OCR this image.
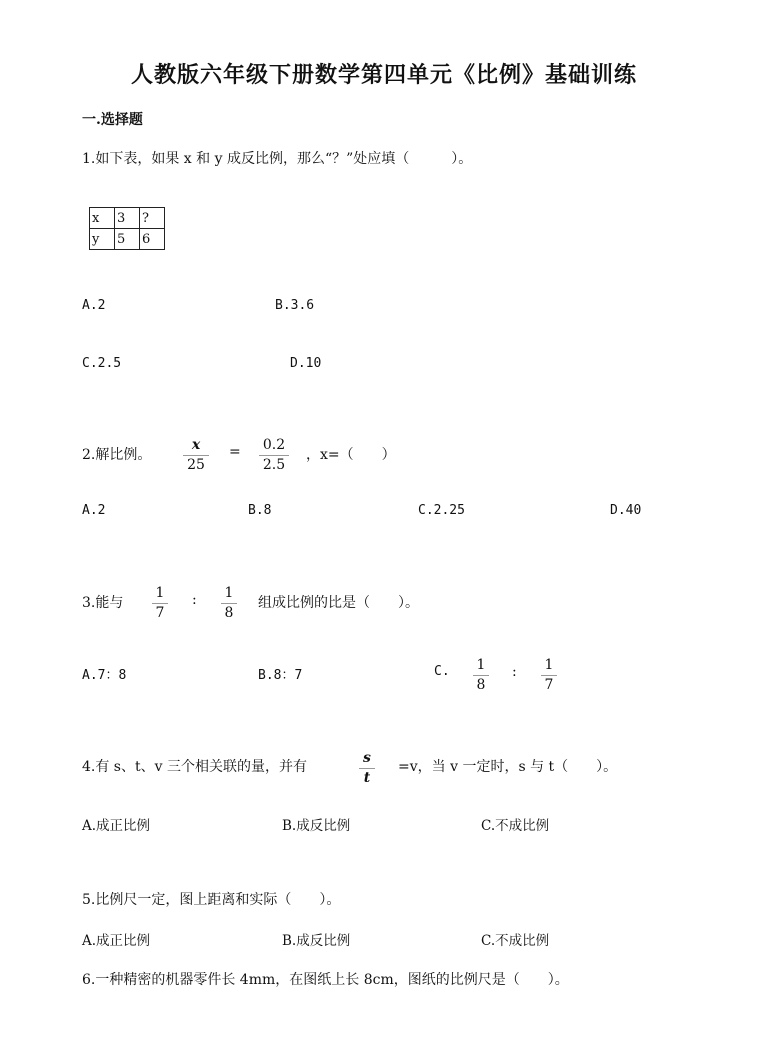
人教版六年级下册数学第四单元《比例》基础训练
一.选择题
1.如下表，如果 x 和 y 成反比例，那么“？”处应填（　　　）。
x	3	?
y	5	6
A.2	B.3.6
C.2.5	D.10
2.解比例。
x
25
= 0.2
2.5
，x=（　　）
A.2	B.8	C.2.25	D.40
3.能与
1
7
: 1
8
组成比例的比是（　　）。
A.7：8	B.8：7	C. 1
8
: 1
7
4.有 s、t、v 三个相关联的量，并有
s
t
=v，当 v 一定时，s 与 t（　　）。
A.成正比例	B.成反比例	C.不成比例
5.比例尺一定，图上距离和实际（　　）。
A.成正比例	B.成反比例	C.不成比例
6.一种精密的机器零件长 4mm，在图纸上长 8cm，图纸的比例尺是（　　）。
